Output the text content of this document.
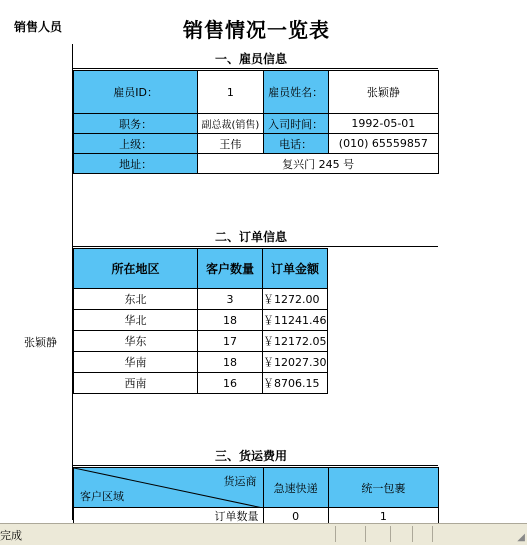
销售人员	销售情况一览表
张颖静
一、雇员信息
雇员ID：	1	雇员姓名：	张颖静
职务：	副总裁(销售)	入司时间：	1992-05-01
上级：	王伟	电话：	(010) 65559857
地址：	复兴门 245 号		
二、订单信息
所在地区	客户数量	订单金额
东北	3	￥1272.00
华北	18	￥11241.46
华东	17	￥12172.05
华南	18	￥12027.30
西南	16	￥8706.15
三、货运费用
货运商
客户区域	急速快递	统一包裹
订单数量	0	1
完成	◢
